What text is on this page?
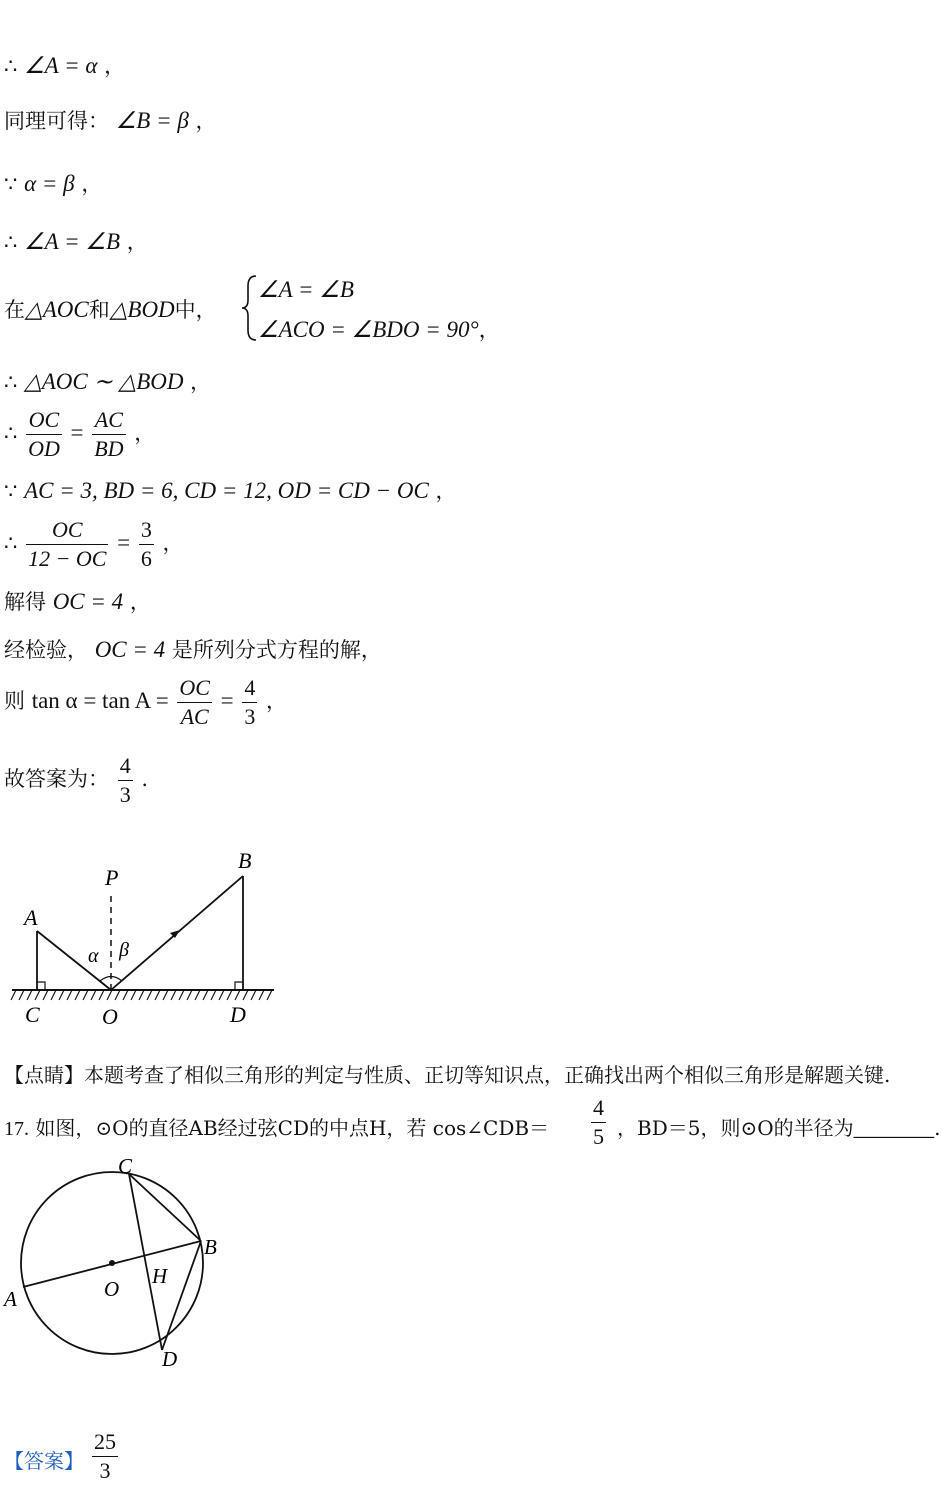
∴ ∠A = α ，
同理可得： ∠B = β ，
∵ α = β ，
∴ ∠A = ∠B ，
在△AOC和△BOD中，
∠A = ∠B
∠ACO = ∠BDO = 90°，
∴ △AOC ∼ △BOD ，
∴ $\frac{OC}{OD} = \frac{AC}{BD}$ ，
∵ AC = 3, BD = 6, CD = 12, OD = CD − OC ，
∴ $\frac{OC}{12 - OC} = \frac{3}{6}$ ，
解得 OC = 4 ，
经检验， OC = 4 是所列分式方程的解，
则 $\tan \alpha = \tan A = \frac{OC}{AC} = \frac{4}{3}$ ，
故答案为： $\frac{4}{3}$ .
A
B
C	D
O
P
α β
【点睛】本题考查了相似三角形的判定与性质、正切等知识点，正确找出两个相似三角形是解题关键.
17. 如图，⊙O的直径AB经过弦CD的中点H，若 cos∠CDB＝ $\frac{4}{5}$ ，BD＝5，则⊙O的半径为_______.
C
B
A	O
H
D
【答案】 $\frac{25}{3}$
